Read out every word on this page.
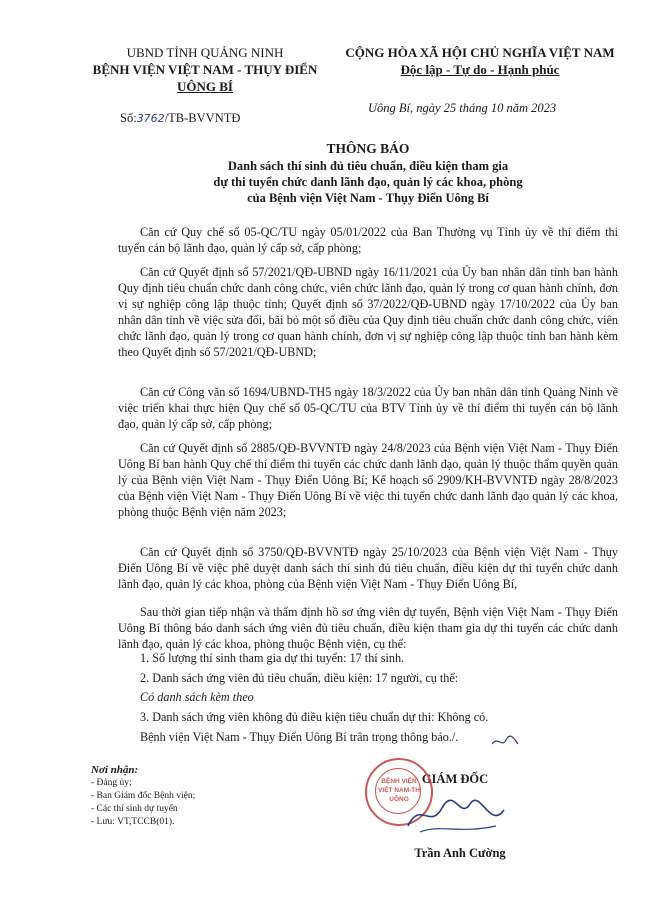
UBND TỈNH QUẢNG NINH
BỆNH VIỆN VIỆT NAM - THỤY ĐIỂN
UÔNG BÍ
CỘNG HÒA XÃ HỘI CHỦ NGHĨA VIỆT NAM
Độc lập - Tự do - Hạnh phúc
Số:3762/TB-BVVNTĐ
Uông Bí, ngày 25 tháng 10 năm 2023
THÔNG BÁO
Danh sách thí sinh đủ tiêu chuẩn, điều kiện tham gia
dự thi tuyển chức danh lãnh đạo, quản lý các khoa, phòng
của Bệnh viện Việt Nam - Thụy Điển Uông Bí
Căn cứ Quy chế số 05-QC/TU ngày 05/01/2022 của Ban Thường vụ Tỉnh ủy về thí điểm thi tuyển cán bộ lãnh đạo, quản lý cấp sở, cấp phòng;
Căn cứ Quyết định số 57/2021/QĐ-UBND ngày 16/11/2021 của Ủy ban nhân dân tỉnh ban hành Quy định tiêu chuẩn chức danh công chức, viên chức lãnh đạo, quản lý trong cơ quan hành chính, đơn vị sự nghiệp công lập thuộc tỉnh; Quyết định số 37/2022/QĐ-UBND ngày 17/10/2022 của Ủy ban nhân dân tỉnh về việc sửa đổi, bãi bỏ một số điều của Quy định tiêu chuẩn chức danh công chức, viên chức lãnh đạo, quản lý trong cơ quan hành chính, đơn vị sự nghiệp công lập thuộc tỉnh ban hành kèm theo Quyết định số 57/2021/QĐ-UBND;
Căn cứ Công văn số 1694/UBND-TH5 ngày 18/3/2022 của Ủy ban nhân dân tỉnh Quảng Ninh về việc triển khai thực hiện Quy chế số 05-QC/TU của BTV Tỉnh ủy về thí điểm thi tuyển cán bộ lãnh đạo, quản lý cấp sở, cấp phòng;
Căn cứ Quyết định số 2885/QĐ-BVVNTĐ ngày 24/8/2023 của Bệnh viện Việt Nam - Thụy Điển Uông Bí ban hành Quy chế thí điểm thi tuyển các chức danh lãnh đạo, quản lý thuộc thẩm quyền quản lý của Bệnh viện Việt Nam - Thụy Điển Uông Bí; Kế hoạch số 2909/KH-BVVNTĐ ngày 28/8/2023 của Bệnh viện Việt Nam - Thụy Điển Uông Bí về việc thi tuyển chức danh lãnh đạo quản lý các khoa, phòng thuộc Bệnh viện năm 2023;
Căn cứ Quyết định số 3750/QĐ-BVVNTĐ ngày 25/10/2023 của Bệnh viện Việt Nam - Thụy Điển Uông Bí về việc phê duyệt danh sách thí sinh đủ tiêu chuẩn, điều kiện dự thi tuyển chức danh lãnh đạo, quản lý các khoa, phòng của Bệnh viện Việt Nam - Thụy Điển Uông Bí,
Sau thời gian tiếp nhận và thẩm định hồ sơ ứng viên dự tuyển, Bệnh viện Việt Nam - Thụy Điển Uông Bí thông báo danh sách ứng viên đủ tiêu chuẩn, điều kiện tham gia dự thi tuyển các chức danh lãnh đạo, quản lý các khoa, phòng thuộc Bệnh viện, cụ thể:
1. Số lượng thí sinh tham gia dự thi tuyển: 17 thí sinh.
2. Danh sách ứng viên đủ tiêu chuẩn, điều kiện: 17 người, cụ thể:
Có danh sách kèm theo
3. Danh sách ứng viên không đủ điều kiện tiêu chuẩn dự thi: Không có.
Bệnh viện Việt Nam - Thụy Điển Uông Bí trân trọng thông báo./.
Nơi nhận:
- Đảng ủy;
- Ban Giám đốc Bệnh viện;
- Các thí sinh dự tuyển
- Lưu: VT,TCCB(01).
GIÁM ĐỐC
BỆNH VIỆN
VIỆT NAM-TH
UÔNG
Trần Anh Cường
